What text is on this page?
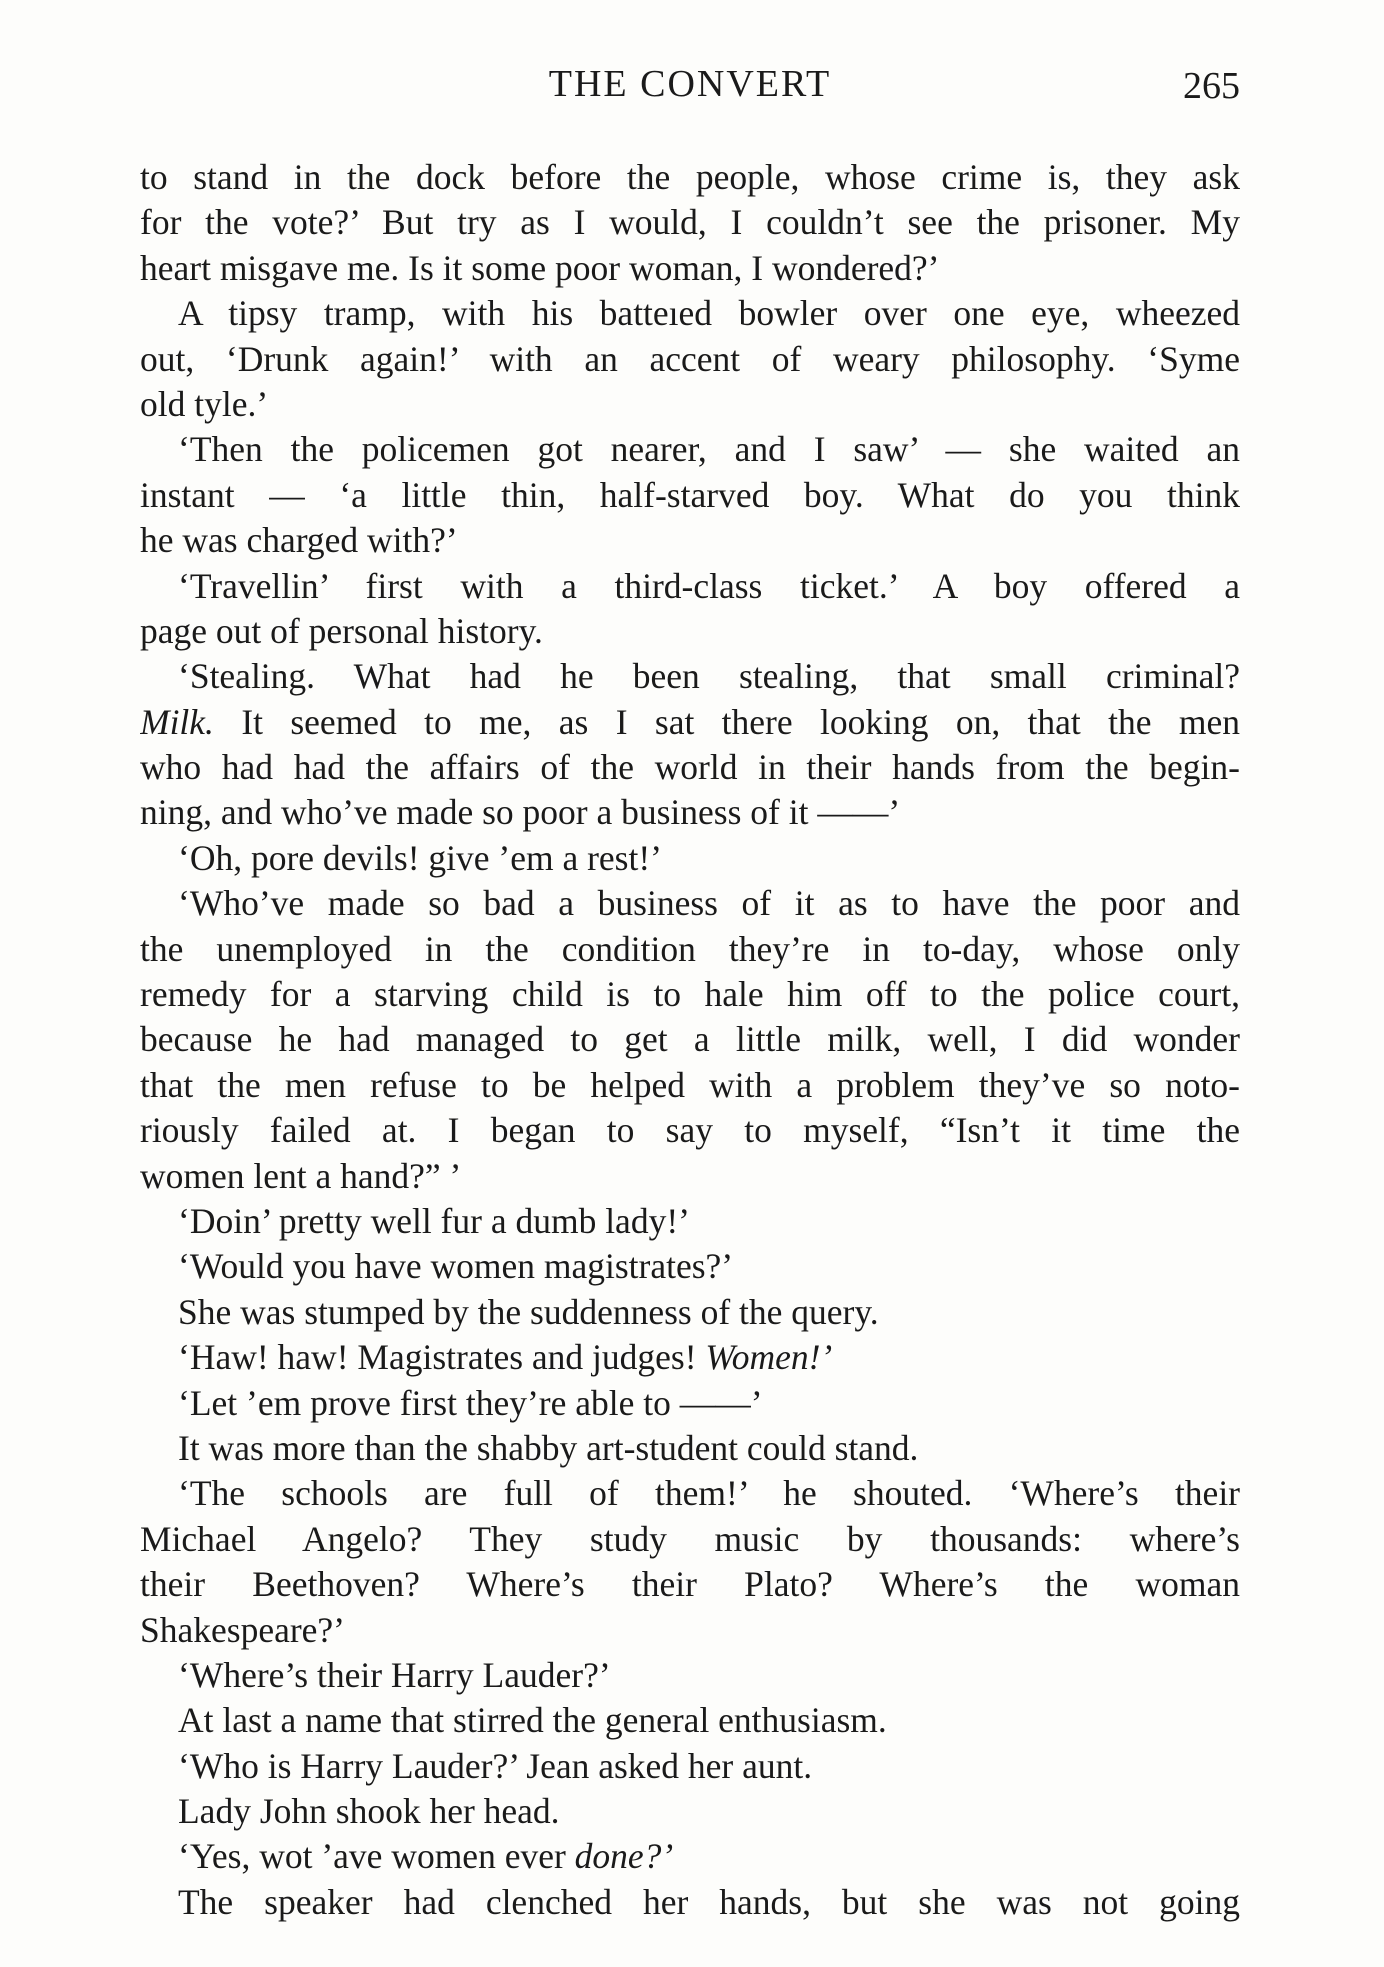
THE CONVERT	265
to stand in the dock before the people, whose crime is, they ask
for the vote?’ But try as I would, I couldn’t see the prisoner. My
heart misgave me. Is it some poor woman, I wondered?’
A tipsy tramp, with his batteıed bowler over one eye, wheezed
out, ‘Drunk again!’ with an accent of weary philosophy. ‘Syme
old tyle.’
‘Then the policemen got nearer, and I saw’ — she waited an
instant — ‘a little thin, half-starved boy. What do you think
he was charged with?’
‘Travellin’ first with a third-class ticket.’ A boy offered a
page out of personal history.
‘Stealing. What had he been stealing, that small criminal?
Milk. It seemed to me, as I sat there looking on, that the men
who had had the affairs of the world in their hands from the begin-
ning, and who’ve made so poor a business of it ——’
‘Oh, pore devils! give ’em a rest!’
‘Who’ve made so bad a business of it as to have the poor and
the unemployed in the condition they’re in to-day, whose only
remedy for a starving child is to hale him off to the police court,
because he had managed to get a little milk, well, I did wonder
that the men refuse to be helped with a problem they’ve so noto-
riously failed at. I began to say to myself, “Isn’t it time the
women lent a hand?” ’
‘Doin’ pretty well fur a dumb lady!’
‘Would you have women magistrates?’
She was stumped by the suddenness of the query.
‘Haw! haw! Magistrates and judges! Women!’
‘Let ’em prove first they’re able to ——’
It was more than the shabby art-student could stand.
‘The schools are full of them!’ he shouted. ‘Where’s their
Michael Angelo? They study music by thousands: where’s
their Beethoven? Where’s their Plato? Where’s the woman
Shakespeare?’
‘Where’s their Harry Lauder?’
At last a name that stirred the general enthusiasm.
‘Who is Harry Lauder?’ Jean asked her aunt.
Lady John shook her head.
‘Yes, wot ’ave women ever done?’
The speaker had clenched her hands, but she was not going
